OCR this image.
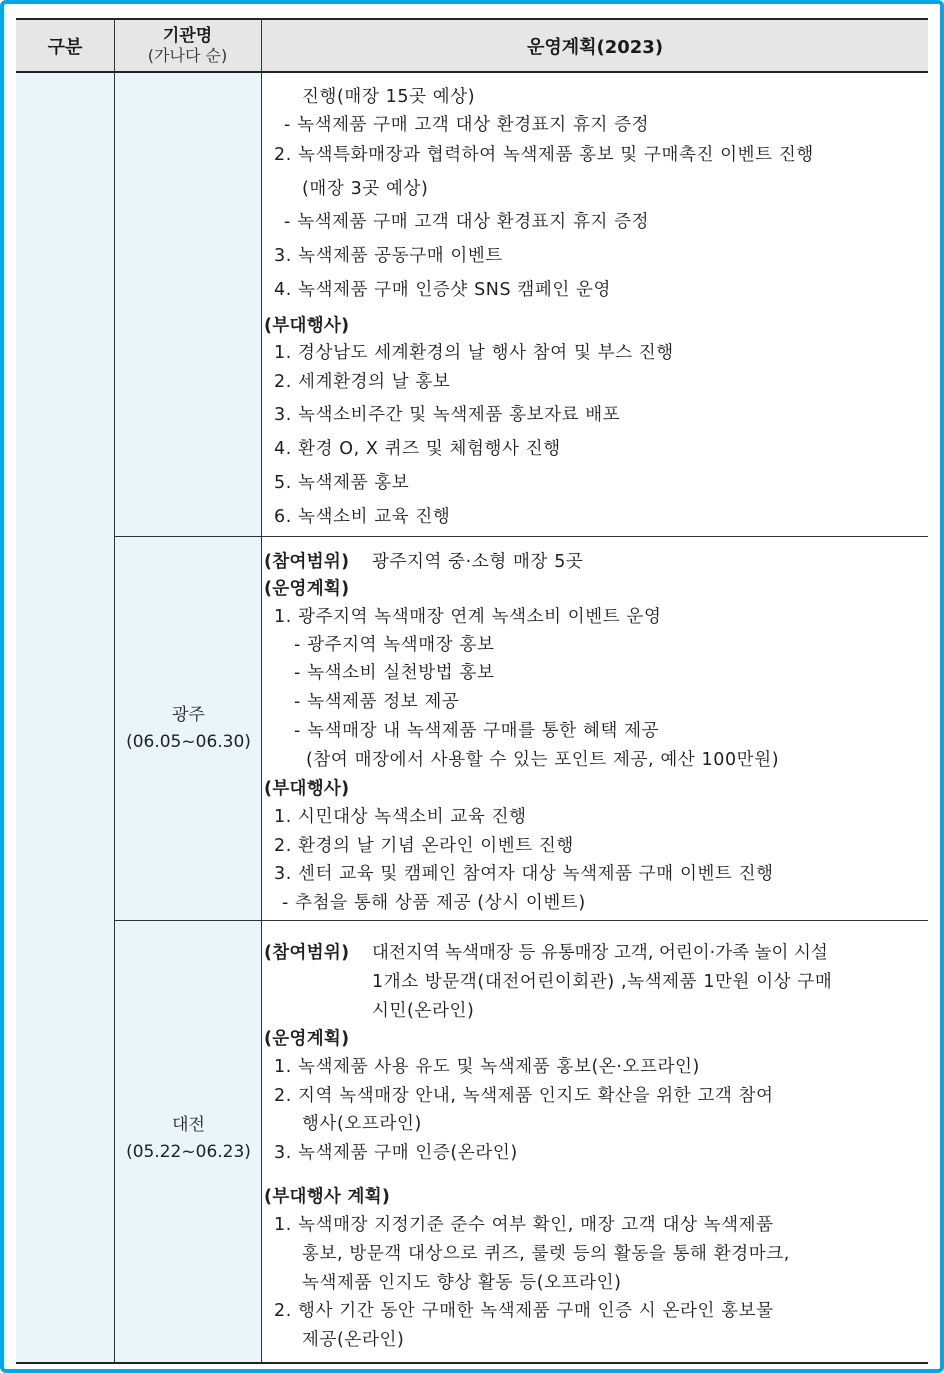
구분
기관명
(가나다 순)	운영계획(2023)
진행(매장 15곳 예상)
- 녹색제품 구매 고객 대상 환경표지 휴지 증정
2. 녹색특화매장과 협력하여 녹색제품 홍보 및 구매촉진 이벤트 진행
(매장 3곳 예상)
- 녹색제품 구매 고객 대상 환경표지 휴지 증정
3. 녹색제품 공동구매 이벤트
4. 녹색제품 구매 인증샷 SNS 캠페인 운영
(부대행사)
1. 경상남도 세계환경의 날 행사 참여 및 부스 진행
2. 세계환경의 날 홍보
3. 녹색소비주간 및 녹색제품 홍보자료 배포
4. 환경 O, X 퀴즈 및 체험행사 진행
5. 녹색제품 홍보
6. 녹색소비 교육 진행
광주
(06.05~06.30)
(참여범위) 광주지역 중·소형 매장 5곳
(운영계획)
1. 광주지역 녹색매장 연계 녹색소비 이벤트 운영
- 광주지역 녹색매장 홍보
- 녹색소비 실천방법 홍보
- 녹색제품 정보 제공
- 녹색매장 내 녹색제품 구매를 통한 혜택 제공
(참여 매장에서 사용할 수 있는 포인트 제공, 예산 100만원)
(부대행사)
1. 시민대상 녹색소비 교육 진행
2. 환경의 날 기념 온라인 이벤트 진행
3. 센터 교육 및 캠페인 참여자 대상 녹색제품 구매 이벤트 진행
- 추첨을 통해 상품 제공 (상시 이벤트)
대전
(05.22~06.23)
(참여범위) 대전지역 녹색매장 등 유통매장 고객, 어린이·가족 놀이 시설
1개소 방문객(대전어린이회관) ,녹색제품 1만원 이상 구매
시민(온라인)
(운영계획)
1. 녹색제품 사용 유도 및 녹색제품 홍보(온·오프라인)
2. 지역 녹색매장 안내, 녹색제품 인지도 확산을 위한 고객 참여
행사(오프라인)
3. 녹색제품 구매 인증(온라인)
(부대행사 계획)
1. 녹색매장 지정기준 준수 여부 확인, 매장 고객 대상 녹색제품
홍보, 방문객 대상으로 퀴즈, 룰렛 등의 활동을 통해 환경마크,
녹색제품 인지도 향상 활동 등(오프라인)
2. 행사 기간 동안 구매한 녹색제품 구매 인증 시 온라인 홍보물
제공(온라인)
